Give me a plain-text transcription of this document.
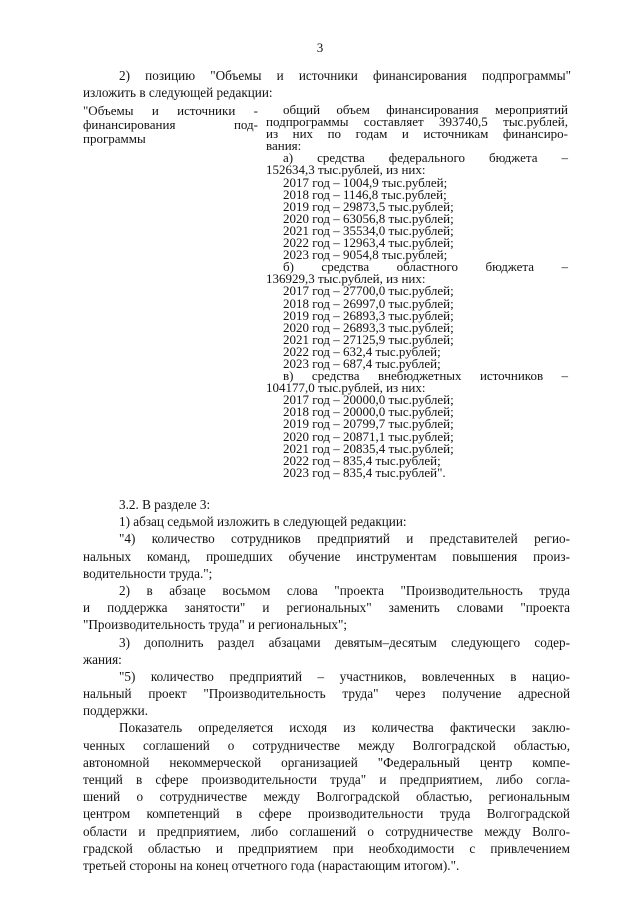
3
2) позицию "Объемы и источники финансирования подпрограммы"
изложить в следующей редакции:
"Объемы и источники -
финансирования под-
программы
общий объем финансирования мероприятий
подпрограммы составляет 393740,5 тыс.рублей,
из них по годам и источникам финансиро-
вания:
а) средства федерального бюджета –
152634,3 тыс.рублей, из них:
2017 год – 1004,9 тыс.рублей;
2018 год – 1146,8 тыс.рублей;
2019 год – 29873,5 тыс.рублей;
2020 год – 63056,8 тыс.рублей;
2021 год – 35534,0 тыс.рублей;
2022 год – 12963,4 тыс.рублей;
2023 год – 9054,8 тыс.рублей;
б) средства областного бюджета –
136929,3 тыс.рублей, из них:
2017 год – 27700,0 тыс.рублей;
2018 год – 26997,0 тыс.рублей;
2019 год – 26893,3 тыс.рублей;
2020 год – 26893,3 тыс.рублей;
2021 год – 27125,9 тыс.рублей;
2022 год – 632,4 тыс.рублей;
2023 год – 687,4 тыс.рублей;
в) средства внебюджетных источников –
104177,0 тыс.рублей, из них:
2017 год – 20000,0 тыс.рублей;
2018 год – 20000,0 тыс.рублей;
2019 год – 20799,7 тыс.рублей;
2020 год – 20871,1 тыс.рублей;
2021 год – 20835,4 тыс.рублей;
2022 год – 835,4 тыс.рублей;
2023 год – 835,4 тыс.рублей".
3.2. В разделе 3:
1) абзац седьмой изложить в следующей редакции:
"4) количество сотрудников предприятий и представителей регио-
нальных команд, прошедших обучение инструментам повышения произ-
водительности труда.";
2) в абзаце восьмом слова "проекта "Производительность труда
и поддержка занятости" и региональных" заменить словами "проекта
"Производительность труда" и региональных";
3) дополнить раздел абзацами девятым–десятым следующего содер-
жания:
"5) количество предприятий – участников, вовлеченных в нацио-
нальный проект "Производительность труда" через получение адресной
поддержки.
Показатель определяется исходя из количества фактически заклю-
ченных соглашений о сотрудничестве между Волгоградской областью,
автономной некоммерческой организацией "Федеральный центр компе-
тенций в сфере производительности труда" и предприятием, либо согла-
шений о сотрудничестве между Волгоградской областью, региональным
центром компетенций в сфере производительности труда Волгоградской
области и предприятием, либо соглашений о сотрудничестве между Волго-
градской областью и предприятием при необходимости с привлечением
третьей стороны на конец отчетного года (нарастающим итогом).".
